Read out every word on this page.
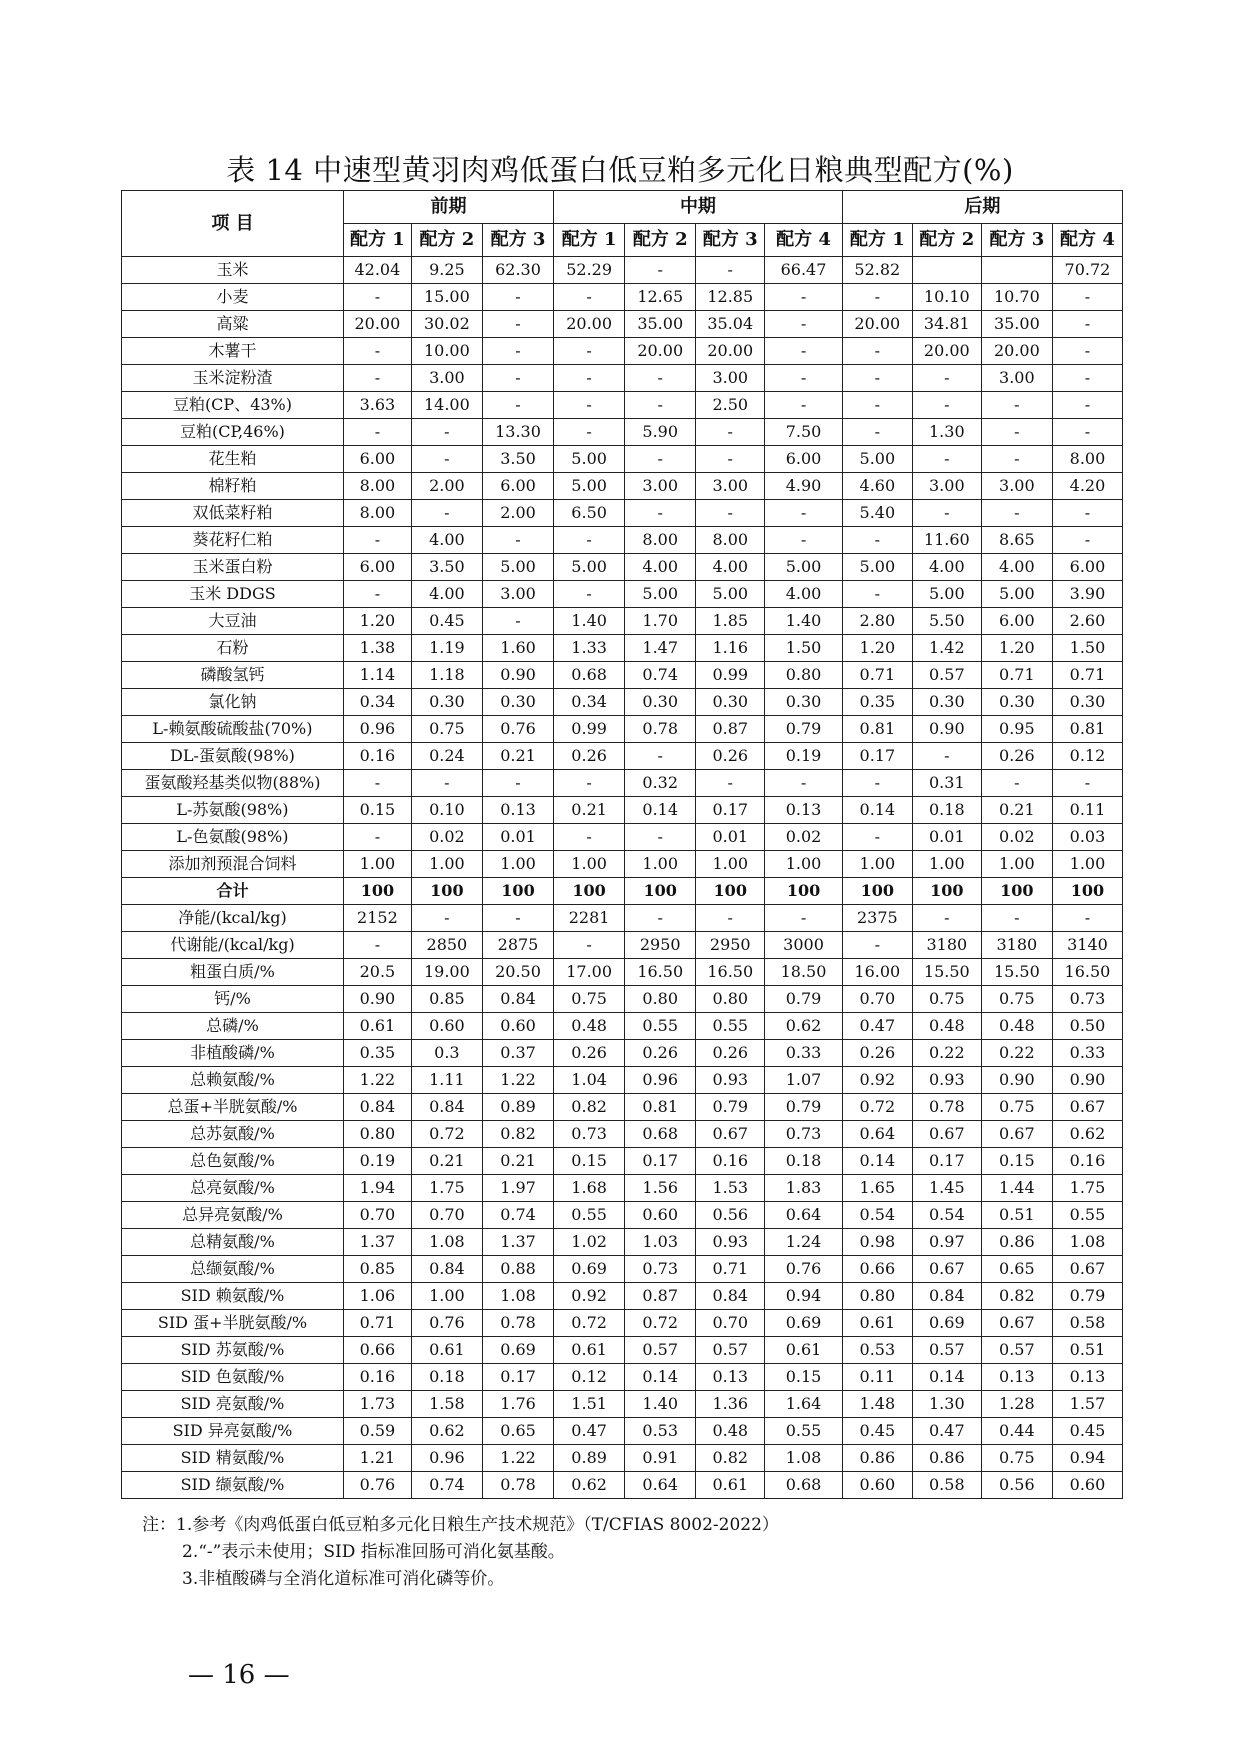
表 14 中速型黄羽肉鸡低蛋白低豆粕多元化日粮典型配方(%)
项 目	前期			中期				后期			
	配方 1	配方 2	配方 3	配方 1	配方 2	配方 3	配方 4	配方 1	配方 2	配方 3	配方 4
玉米	42.04	9.25	62.30	52.29	-	-	66.47	52.82			70.72
小麦	-	15.00	-	-	12.65	12.85	-	-	10.10	10.70	-
高粱	20.00	30.02	-	20.00	35.00	35.04	-	20.00	34.81	35.00	-
木薯干	-	10.00	-	-	20.00	20.00	-	-	20.00	20.00	-
玉米淀粉渣	-	3.00	-	-	-	3.00	-	-	-	3.00	-
豆粕(CP、43%)	3.63	14.00	-	-	-	2.50	-	-	-	-	-
豆粕(CP,46%)	-	-	13.30	-	5.90	-	7.50	-	1.30	-	-
花生粕	6.00	-	3.50	5.00	-	-	6.00	5.00	-	-	8.00
棉籽粕	8.00	2.00	6.00	5.00	3.00	3.00	4.90	4.60	3.00	3.00	4.20
双低菜籽粕	8.00	-	2.00	6.50	-	-	-	5.40	-	-	-
葵花籽仁粕	-	4.00	-	-	8.00	8.00	-	-	11.60	8.65	-
玉米蛋白粉	6.00	3.50	5.00	5.00	4.00	4.00	5.00	5.00	4.00	4.00	6.00
玉米 DDGS	-	4.00	3.00	-	5.00	5.00	4.00	-	5.00	5.00	3.90
大豆油	1.20	0.45	-	1.40	1.70	1.85	1.40	2.80	5.50	6.00	2.60
石粉	1.38	1.19	1.60	1.33	1.47	1.16	1.50	1.20	1.42	1.20	1.50
磷酸氢钙	1.14	1.18	0.90	0.68	0.74	0.99	0.80	0.71	0.57	0.71	0.71
氯化钠	0.34	0.30	0.30	0.34	0.30	0.30	0.30	0.35	0.30	0.30	0.30
L-赖氨酸硫酸盐(70%)	0.96	0.75	0.76	0.99	0.78	0.87	0.79	0.81	0.90	0.95	0.81
DL-蛋氨酸(98%)	0.16	0.24	0.21	0.26	-	0.26	0.19	0.17	-	0.26	0.12
蛋氨酸羟基类似物(88%)	-	-	-	-	0.32	-	-	-	0.31	-	-
L-苏氨酸(98%)	0.15	0.10	0.13	0.21	0.14	0.17	0.13	0.14	0.18	0.21	0.11
L-色氨酸(98%)	-	0.02	0.01	-	-	0.01	0.02	-	0.01	0.02	0.03
添加剂预混合饲料	1.00	1.00	1.00	1.00	1.00	1.00	1.00	1.00	1.00	1.00	1.00
合计	100	100	100	100	100	100	100	100	100	100	100
净能/(kcal/kg)	2152	-	-	2281	-	-	-	2375	-	-	-
代谢能/(kcal/kg)	-	2850	2875	-	2950	2950	3000	-	3180	3180	3140
粗蛋白质/%	20.5	19.00	20.50	17.00	16.50	16.50	18.50	16.00	15.50	15.50	16.50
钙/%	0.90	0.85	0.84	0.75	0.80	0.80	0.79	0.70	0.75	0.75	0.73
总磷/%	0.61	0.60	0.60	0.48	0.55	0.55	0.62	0.47	0.48	0.48	0.50
非植酸磷/%	0.35	0.3	0.37	0.26	0.26	0.26	0.33	0.26	0.22	0.22	0.33
总赖氨酸/%	1.22	1.11	1.22	1.04	0.96	0.93	1.07	0.92	0.93	0.90	0.90
总蛋+半胱氨酸/%	0.84	0.84	0.89	0.82	0.81	0.79	0.79	0.72	0.78	0.75	0.67
总苏氨酸/%	0.80	0.72	0.82	0.73	0.68	0.67	0.73	0.64	0.67	0.67	0.62
总色氨酸/%	0.19	0.21	0.21	0.15	0.17	0.16	0.18	0.14	0.17	0.15	0.16
总亮氨酸/%	1.94	1.75	1.97	1.68	1.56	1.53	1.83	1.65	1.45	1.44	1.75
总异亮氨酸/%	0.70	0.70	0.74	0.55	0.60	0.56	0.64	0.54	0.54	0.51	0.55
总精氨酸/%	1.37	1.08	1.37	1.02	1.03	0.93	1.24	0.98	0.97	0.86	1.08
总缬氨酸/%	0.85	0.84	0.88	0.69	0.73	0.71	0.76	0.66	0.67	0.65	0.67
SID 赖氨酸/%	1.06	1.00	1.08	0.92	0.87	0.84	0.94	0.80	0.84	0.82	0.79
SID 蛋+半胱氨酸/%	0.71	0.76	0.78	0.72	0.72	0.70	0.69	0.61	0.69	0.67	0.58
SID 苏氨酸/%	0.66	0.61	0.69	0.61	0.57	0.57	0.61	0.53	0.57	0.57	0.51
SID 色氨酸/%	0.16	0.18	0.17	0.12	0.14	0.13	0.15	0.11	0.14	0.13	0.13
SID 亮氨酸/%	1.73	1.58	1.76	1.51	1.40	1.36	1.64	1.48	1.30	1.28	1.57
SID 异亮氨酸/%	0.59	0.62	0.65	0.47	0.53	0.48	0.55	0.45	0.47	0.44	0.45
SID 精氨酸/%	1.21	0.96	1.22	0.89	0.91	0.82	1.08	0.86	0.86	0.75	0.94
SID 缬氨酸/%	0.76	0.74	0.78	0.62	0.64	0.61	0.68	0.60	0.58	0.56	0.60

注：1.参考《肉鸡低蛋白低豆粕多元化日粮生产技术规范》（T/CFIAS 8002-2022）

2.“-”表示未使用；SID 指标准回肠可消化氨基酸。

3.非植酸磷与全消化道标准可消化磷等价。

— 16 —
